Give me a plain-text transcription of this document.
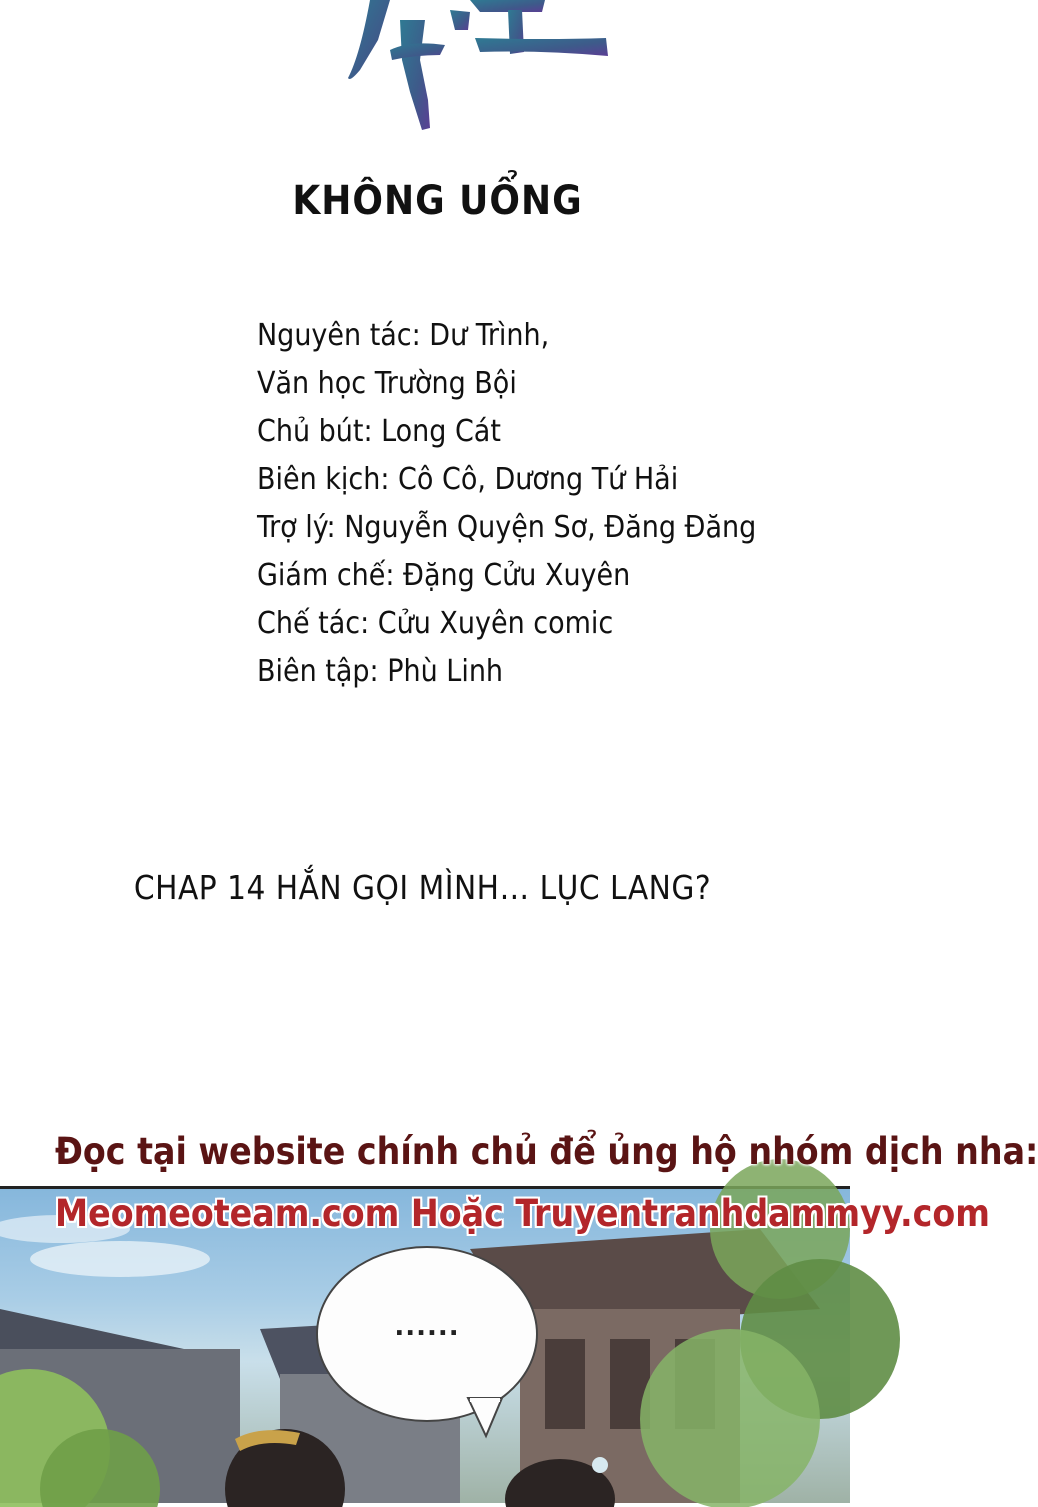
KHÔNG UỔNG
Nguyên tác: Dư Trình,
Văn học Trường Bội
Chủ bút: Long Cát
Biên kịch: Cô Cô, Dương Tứ Hải
Trợ lý: Nguyễn Quyện Sơ, Đăng Đăng
Giám chế: Đặng Cửu Xuyên
Chế tác: Cửu Xuyên comic
Biên tập: Phù Linh
CHAP 14 HẮN GỌI MÌNH… LỤC LANG?
Đọc tại website chính chủ để ủng hộ nhóm dịch nha:
Meomeoteam.com Hoặc Truyentranhdammyy.com
......
